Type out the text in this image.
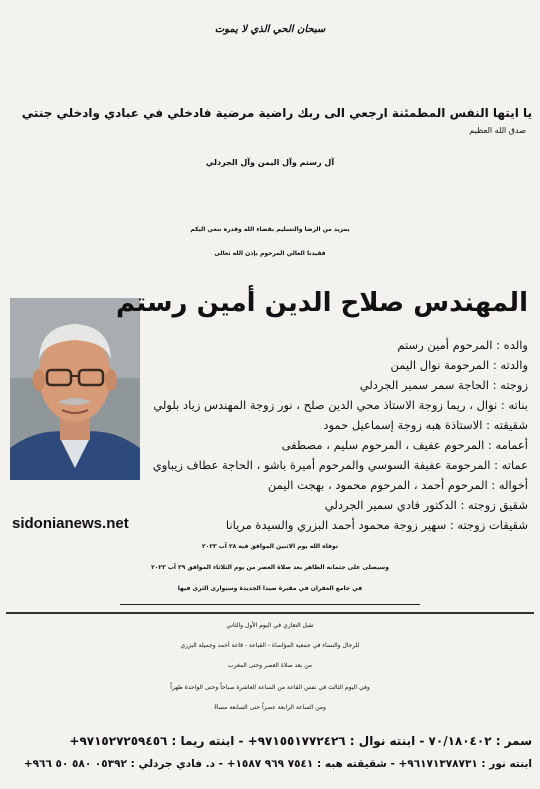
سبحان الحي الذي لا يموت
يا ايتها النفس المطمئنة ارجعي الى ربك راضية مرضية فادخلي في عبادي وادخلي جنتي
صدق الله العظيم
آل رستم وآل اليمن وآل الجردلي
بمزيد من الرضا والتسليم بقضاء الله وقدره ننعي اليكم
فقيدنا الغالي المرحوم بإذن الله تعالى
المهندس صلاح الدين أمين رستم
والده : المرحوم أمين رستم
والدته : المرحومة نوال اليمن
زوجته : الحاجة سمر سمير الجردلي
بناته : نوال ، ريما زوجة الاستاذ محي الدين صلح ، نور زوجة المهندس زياد بلولي
شقيقته : الاستاذة هبه زوجة إسماعيل حمود
أعمامه : المرحوم عفيف ، المرحوم سليم ، مصطفى
عماته : المرحومة عفيفة السوسي والمرحوم أميرة باشو ، الحاجة عطاف زيباوي
أخواله : المرحوم أحمد ، المرحوم محمود ، بهجت اليمن
شقيق زوجته : الدكتور فادي سمير الجردلي
شقيقات زوجته : سهير زوجة محمود أحمد البزري والسيدة مريانا
sidonianews.net
توفاه الله يوم الاثنين الموافق فيه ٢٨ آب ٢٠٢٣
وسيصلى على جثمانه الطاهر بعد صلاة العصر من يوم الثلاثاء الموافق ٢٩ آب ٢٠٢٣
في جامع الغفران في مقبرة صيدا الجديدة وسيوارى الثرى فيها
تقبل التعازي في اليوم الأول والثاني
للرجال والنساء في جمعية المؤاساة - القياعة - قاعة أحمد وجميلة البزري
من بعد صلاة العصر وحتى المغرب
وفي اليوم الثالث في نفس القاعة من الساعة العاشرة صباحاً وحتى الواحدة ظهراً
ومن الساعة الرابعة عصراً حتى السابعة مساءً
سمر : ٧٠/١٨٠٤٠٢ - ابنته نوال : ٩٧١٥٥١٧٧٢٤٢٦+ - ابنته ريما : ٩٧١٥٢٧٢٥٩٤٥٦+
ابنته نور : ٩٦١٧١٣٧٨٧٣١+ - شقيقته هبه : ٧٥٤١ ٩٦٩ ١٥٨٧+ - د. فادي جردلي : ٠٥٣٩٢ ٥٨٠ ٥٠ ٩٦٦+
